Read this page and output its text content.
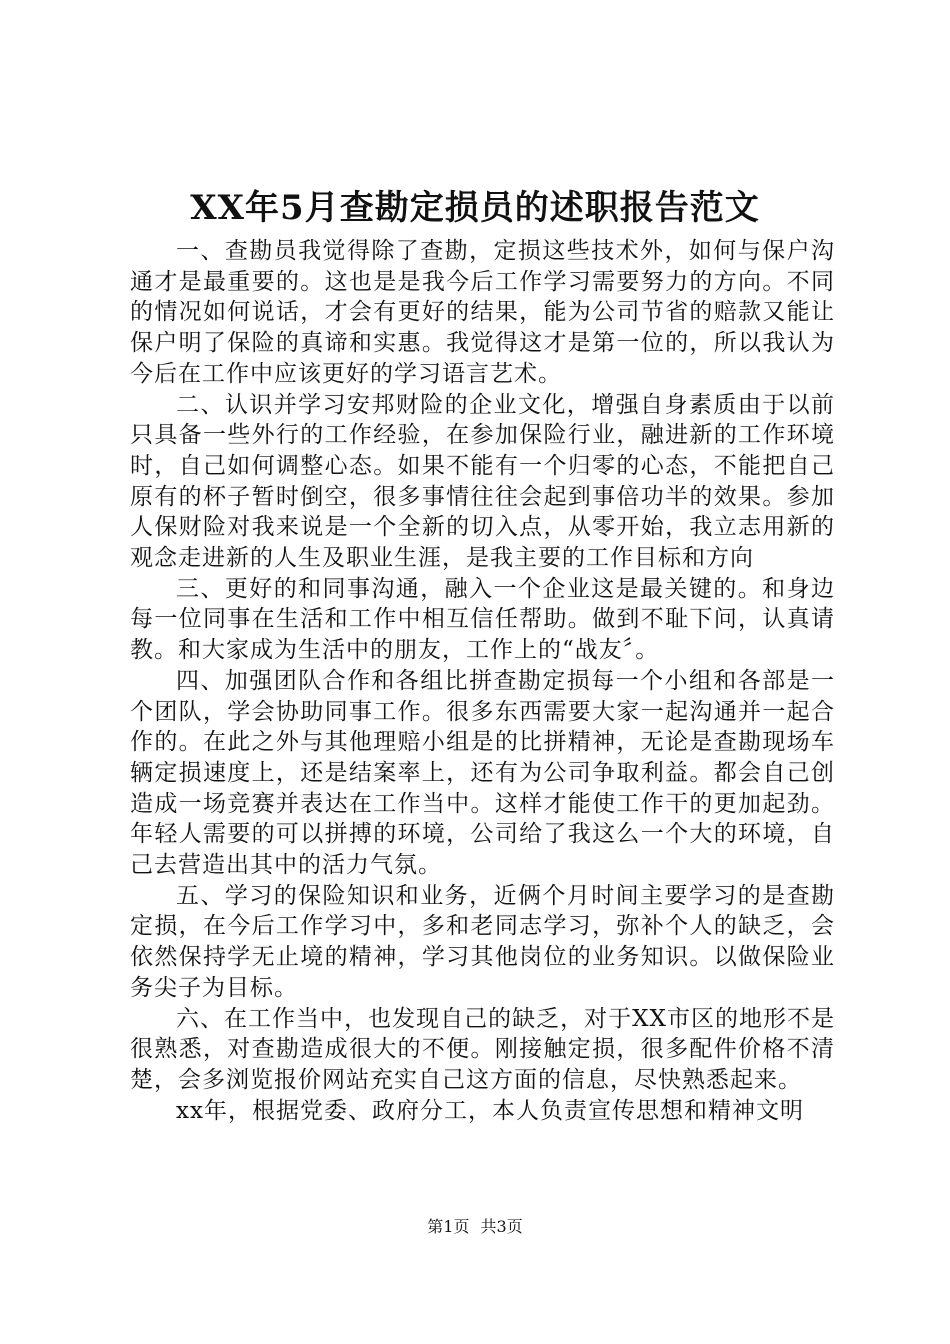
XX年5月查勘定损员的述职报告范文

一、查勘员我觉得除了查勘，定损这些技术外，如何与保户沟通才是最重要的。这也是是我今后工作学习需要努力的方向。不同的情况如何说话，才会有更好的结果，能为公司节省的赔款又能让保户明了保险的真谛和实惠。我觉得这才是第一位的，所以我认为今后在工作中应该更好的学习语言艺术。

二、认识并学习安邦财险的企业文化，增强自身素质由于以前只具备一些外行的工作经验，在参加保险行业，融进新的工作环境时，自己如何调整心态。如果不能有一个归零的心态，不能把自己原有的杯子暂时倒空，很多事情往往会起到事倍功半的效果。参加人保财险对我来说是一个全新的切入点，从零开始，我立志用新的观念走进新的人生及职业生涯，是我主要的工作目标和方向

三、更好的和同事沟通，融入一个企业这是最关键的。和身边每一位同事在生活和工作中相互信任帮助。做到不耻下问，认真请教。和大家成为生活中的朋友，工作上的“战友〞。

四、加强团队合作和各组比拼查勘定损每一个小组和各部是一个团队，学会协助同事工作。很多东西需要大家一起沟通并一起合作的。在此之外与其他理赔小组是的比拼精神，无论是查勘现场车辆定损速度上，还是结案率上，还有为公司争取利益。都会自己创造成一场竞赛并表达在工作当中。这样才能使工作干的更加起劲。年轻人需要的可以拼搏的环境，公司给了我这么一个大的环境，自己去营造出其中的活力气氛。

五、学习的保险知识和业务，近俩个月时间主要学习的是查勘定损，在今后工作学习中，多和老同志学习，弥补个人的缺乏，会依然保持学无止境的精神，学习其他岗位的业务知识。以做保险业务尖子为目标。

六、在工作当中，也发现自己的缺乏，对于XX市区的地形不是很熟悉，对查勘造成很大的不便。刚接触定损，很多配件价格不清楚，会多浏览报价网站充实自己这方面的信息，尽快熟悉起来。

xx年，根据党委、政府分工，本人负责宣传思想和精神文明

第1页 共3页
